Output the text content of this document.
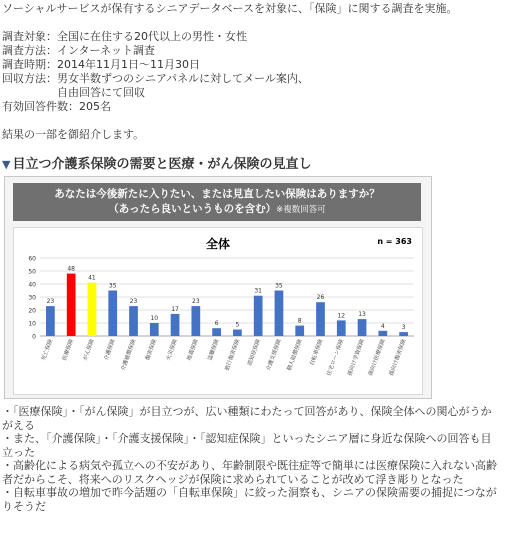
ソーシャルサービスが保有するシニアデータベースを対象に、「保険」に関する調査を実施。

調査対象：全国に在住する20代以上の男性・女性

調査方法：インターネット調査

調査時期：2014年11月1日～11月30日

回収方法：男女半数ずつのシニアパネルに対してメール案内、

　　　　　自由回答にて回収

有効回答件数：205名

結果の一部を御紹介します。

▼ 目立つ介護系保険の需要と医療・がん保険の見直し
あなたは今後新たに入りたい、または見直したい保険はありますか？
（あったら良いというものを含む）※複数回答可
全体	n = 363
0
10
20
30
40
50
60
23
死亡保険
48
医療保険
41
がん保険
35
介護保険
23
介護補償保険
10
傷害保険
17
火災保険
23
地震保険
6
盗難保険
5
旅行傷害保険
31
認知症保険
35
介護支援保険
8
個人賠償保険
26
自転車保険
12
住宅ローン保険
13
孫向け学資保険
4
孫向け医療保険
3
孫向け傷害保険
・「医療保険」・「がん保険」が目立つが、広い種類にわたって回答があり、保険全体への関心がうかがえる
・また、「介護保険」・「介護支援保険」・「認知症保険」といったシニア層に身近な保険への回答も目立った
・高齢化による病気や孤立への不安があり、年齢制限や既往症等で簡単には医療保険に入れない高齢者だからこそ、将来へのリスクヘッジが保険に求められていることが改めて浮き彫りとなった
・自転車事故の増加で昨今話題の「自転車保険」に絞った洞察も、シニアの保険需要の捕捉につながりそうだ
